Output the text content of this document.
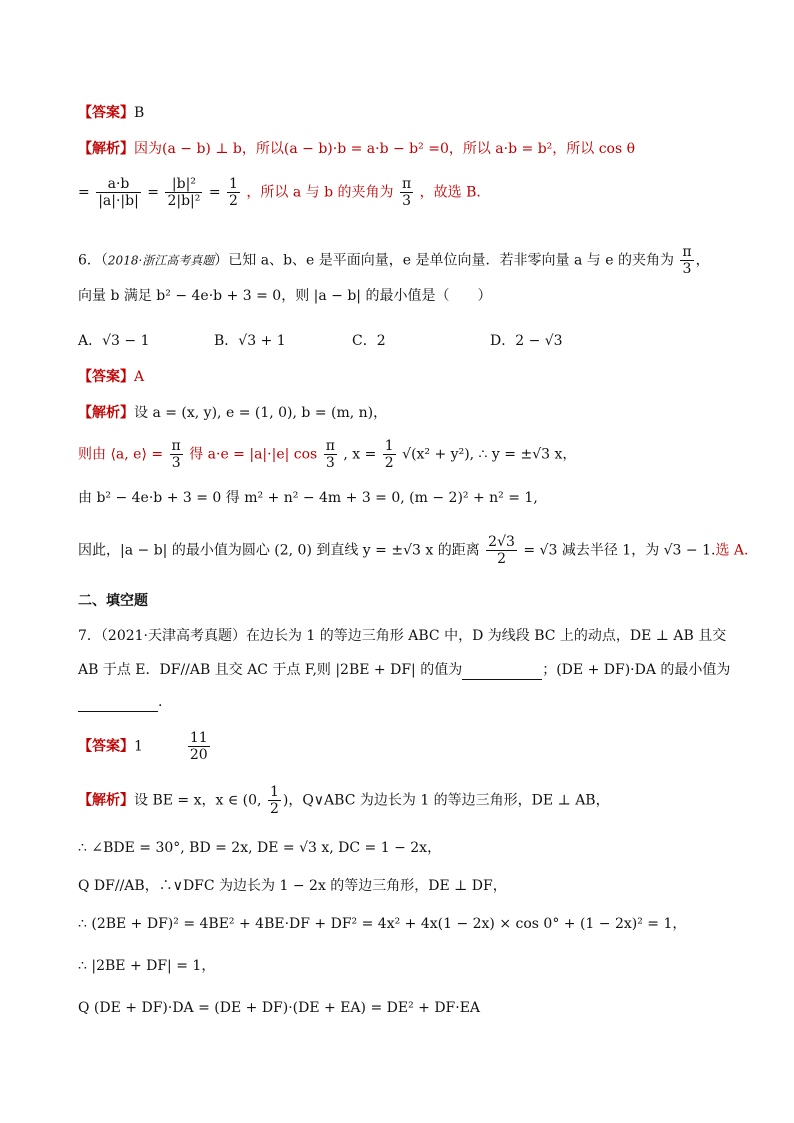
【答案】B
【解析】因为(a − b) ⊥ b，所以(a − b)·b = a·b − b² =0，所以 a·b = b²，所以 cos θ
= $\frac{a\cdot b}{|a|\cdot|b|} = \frac{\text{|b|²}}{\text{2|b|²}} = \frac{1}{2}$ ，所以 a 与 b 的夹角为 $\frac{\pi}{3}$ ，故选 B．
6．（2018·浙江高考真题）已知 a、b、e 是平面向量，e 是单位向量．若非零向量 a 与 e 的夹角为 $\frac{\pi}{3}$ ，
向量 b 满足 b² − 4e·b + 3 = 0，则 |a − b| 的最小值是（　　）
A．√3 − 1	B．√3 + 1	C．2	D．2 − √3
【答案】A
【解析】设 a = (x, y), e = (1, 0), b = (m, n)，
则由 ⟨a, e⟩ = $\frac{\pi}{3}$ 得 a·e = |a|·|e| $\cos \frac{\pi}{3}$ , $x = \frac{1}{2} √(x^2 + y^2)$, ∴ y = ±√3 x，
由 b² − 4e·b + 3 = 0 得 m² + n² − 4m + 3 = 0, (m − 2)² + n² = 1,
因此，|a − b| 的最小值为圆心 (2, 0) 到直线 y = ±√3 x 的距离 $\frac{2√3}{2} = √3$ 减去半径 1，为 √3 − 1.选 A.
二、填空题
7．（2021·天津高考真题）在边长为 1 的等边三角形 ABC 中，D 为线段 BC 上的动点，DE ⊥ AB 且交
AB 于点 E．DF//AB 且交 AC 于点 F,则 |2BE + DF| 的值为	；(DE + DF)·DA 的最小值为
.
【答案】1	$\frac{11}{20}$
【解析】设 BE = x，x ∈ (0, $\frac{1}{2}$ )，Q∨ABC 为边长为 1 的等边三角形，DE ⊥ AB，
∴ ∠BDE = 30°, BD = 2x, DE = √3 x, DC = 1 − 2x，
Q DF//AB，∴∨DFC 为边长为 1 − 2x 的等边三角形，DE ⊥ DF，
∴ (2BE + DF)² = 4BE² + 4BE·DF + DF² = 4x² + 4x(1 − 2x) × cos 0° + (1 − 2x)² = 1，
∴ |2BE + DF| = 1，
Q (DE + DF)·DA = (DE + DF)·(DE + EA) = DE² + DF·EA
